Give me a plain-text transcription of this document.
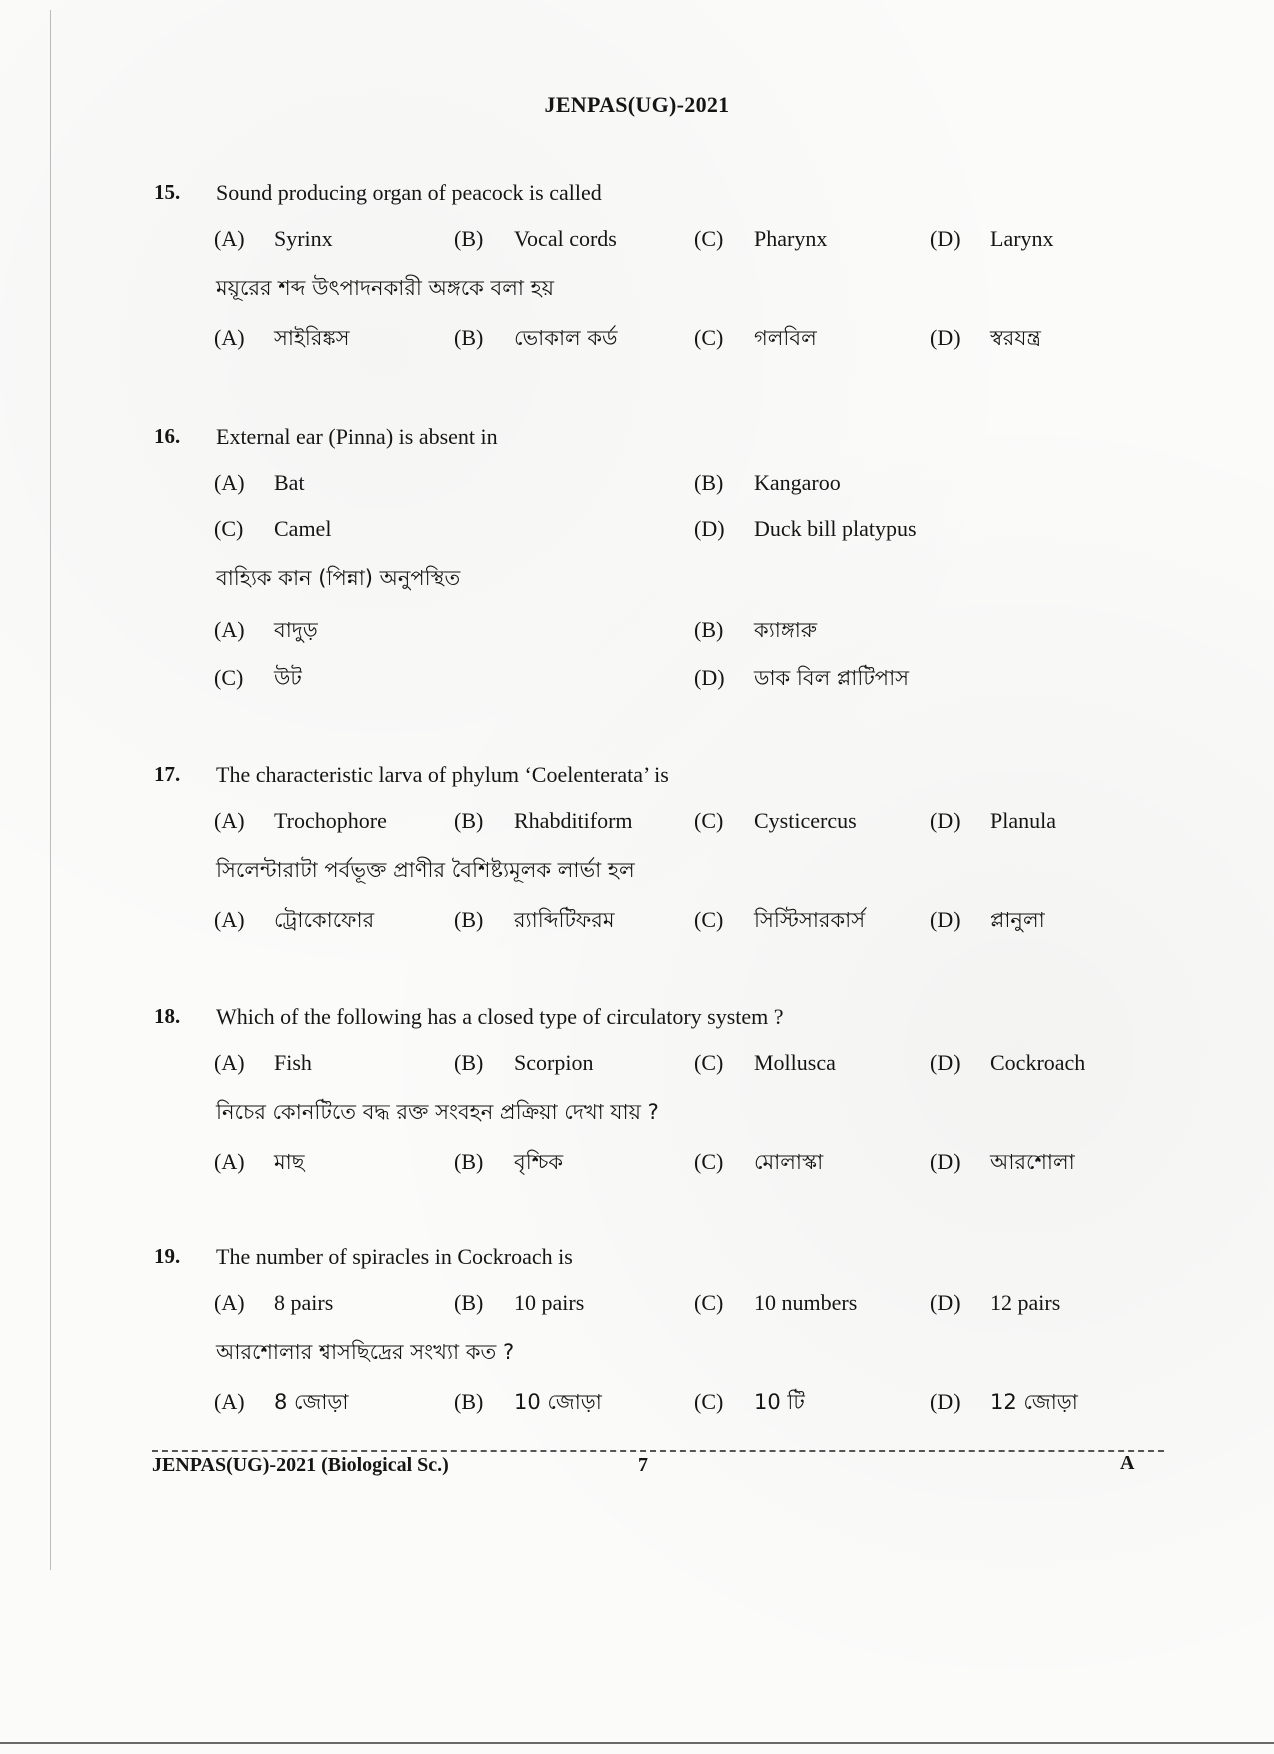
JENPAS(UG)-2021
15. Sound producing organ of peacock is called
(A) Syrinx	(B) Vocal cords	(C) Pharynx	(D) Larynx
ময়ূরের শব্দ উৎপাদনকারী অঙ্গকে বলা হয়
(A) সাইরিঙ্কস	(B) ভোকাল কর্ড	(C) গলবিল	(D) স্বরযন্ত্র
16. External ear (Pinna) is absent in
(A) Bat	(B) Kangaroo
(C) Camel	(D) Duck bill platypus
বাহ্যিক কান (পিন্না) অনুপস্থিত
(A) বাদুড়	(B) ক্যাঙ্গারু
(C) উট	(D) ডাক বিল প্লাটিপাস
17. The characteristic larva of phylum ‘Coelenterata’ is
(A) Trochophore	(B) Rhabditiform	(C) Cysticercus	(D) Planula
সিলেন্টারাটা পর্বভূক্ত প্রাণীর বৈশিষ্ট্যমূলক লার্ভা হল
(A) ট্রোকোফোর	(B) র‍্যাব্দিটিফরম	(C) সিস্টিসারকার্স	(D) প্লানুলা
18. Which of the following has a closed type of circulatory system ?
(A) Fish	(B) Scorpion	(C) Mollusca	(D) Cockroach
নিচের কোনটিতে বদ্ধ রক্ত সংবহন প্রক্রিয়া দেখা যায় ?
(A) মাছ	(B) বৃশ্চিক	(C) মোলাস্কা	(D) আরশোলা
19. The number of spiracles in Cockroach is
(A) 8 pairs	(B) 10 pairs	(C) 10 numbers	(D) 12 pairs
আরশোলার শ্বাসছিদ্রের সংখ্যা কত ?
(A) 8 জোড়া	(B) 10 জোড়া	(C) 10 টি	(D) 12 জোড়া
JENPAS(UG)-2021 (Biological Sc.)	7	A
